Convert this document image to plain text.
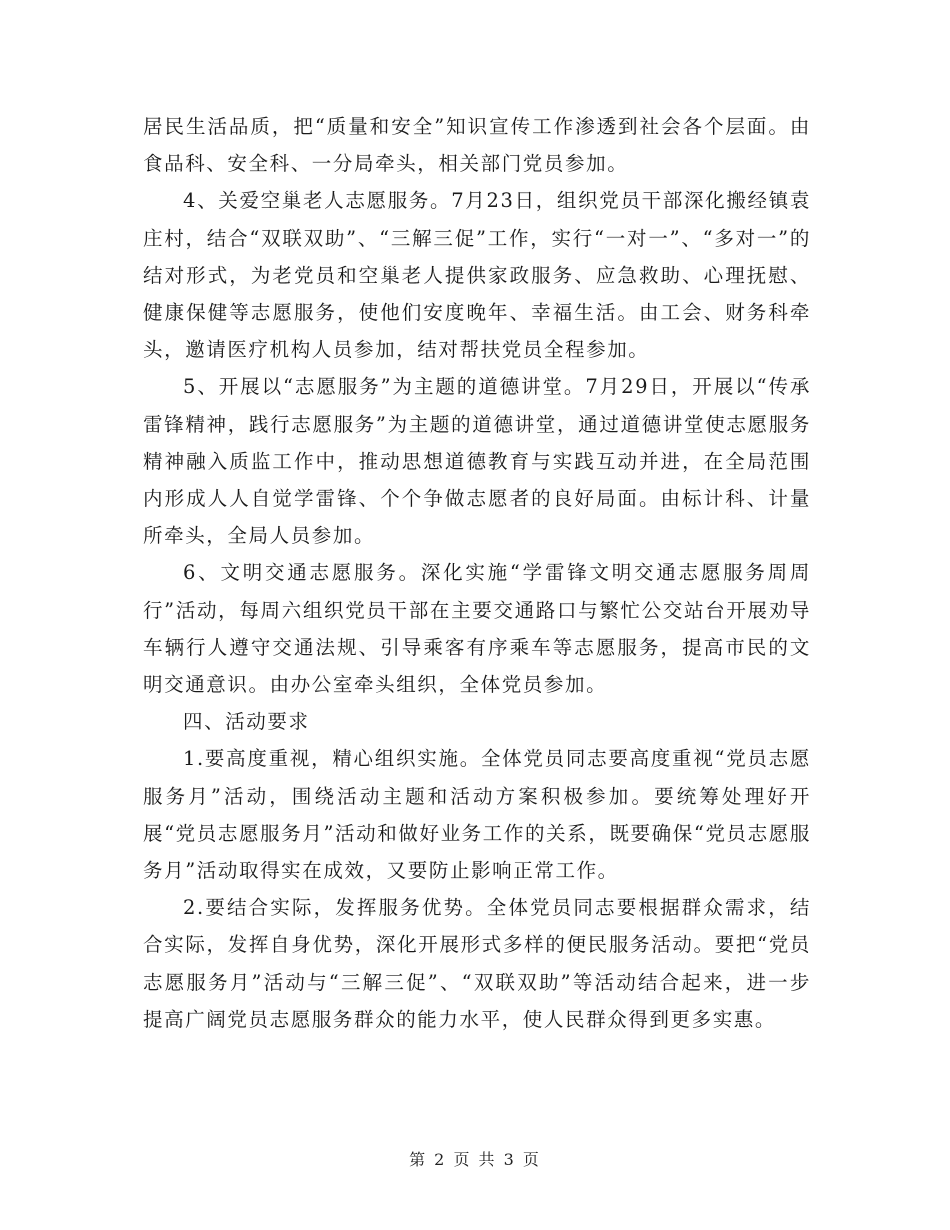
居民生活品质，把“质量和安全”知识宣传工作渗透到社会各个层面。由食品科、安全科、一分局牵头，相关部门党员参加。

4、关爱空巢老人志愿服务。7月23日，组织党员干部深化搬经镇袁庄村，结合“双联双助”、“三解三促”工作，实行“一对一”、“多对一”的结对形式，为老党员和空巢老人提供家政服务、应急救助、心理抚慰、健康保健等志愿服务，使他们安度晚年、幸福生活。由工会、财务科牵头，邀请医疗机构人员参加，结对帮扶党员全程参加。

5、开展以“志愿服务”为主题的道德讲堂。7月29日，开展以“传承雷锋精神，践行志愿服务”为主题的道德讲堂，通过道德讲堂使志愿服务精神融入质监工作中，推动思想道德教育与实践互动并进，在全局范围内形成人人自觉学雷锋、个个争做志愿者的良好局面。由标计科、计量所牵头，全局人员参加。

6、文明交通志愿服务。深化实施“学雷锋文明交通志愿服务周周行”活动，每周六组织党员干部在主要交通路口与繁忙公交站台开展劝导车辆行人遵守交通法规、引导乘客有序乘车等志愿服务，提高市民的文明交通意识。由办公室牵头组织，全体党员参加。

四、活动要求

1.要高度重视，精心组织实施。全体党员同志要高度重视“党员志愿服务月”活动，围绕活动主题和活动方案积极参加。要统筹处理好开展“党员志愿服务月”活动和做好业务工作的关系，既要确保“党员志愿服务月”活动取得实在成效，又要防止影响正常工作。

2.要结合实际，发挥服务优势。全体党员同志要根据群众需求，结合实际，发挥自身优势，深化开展形式多样的便民服务活动。要把“党员志愿服务月”活动与“三解三促”、“双联双助”等活动结合起来，进一步提高广阔党员志愿服务群众的能力水平，使人民群众得到更多实惠。

第 2 页 共 3 页
